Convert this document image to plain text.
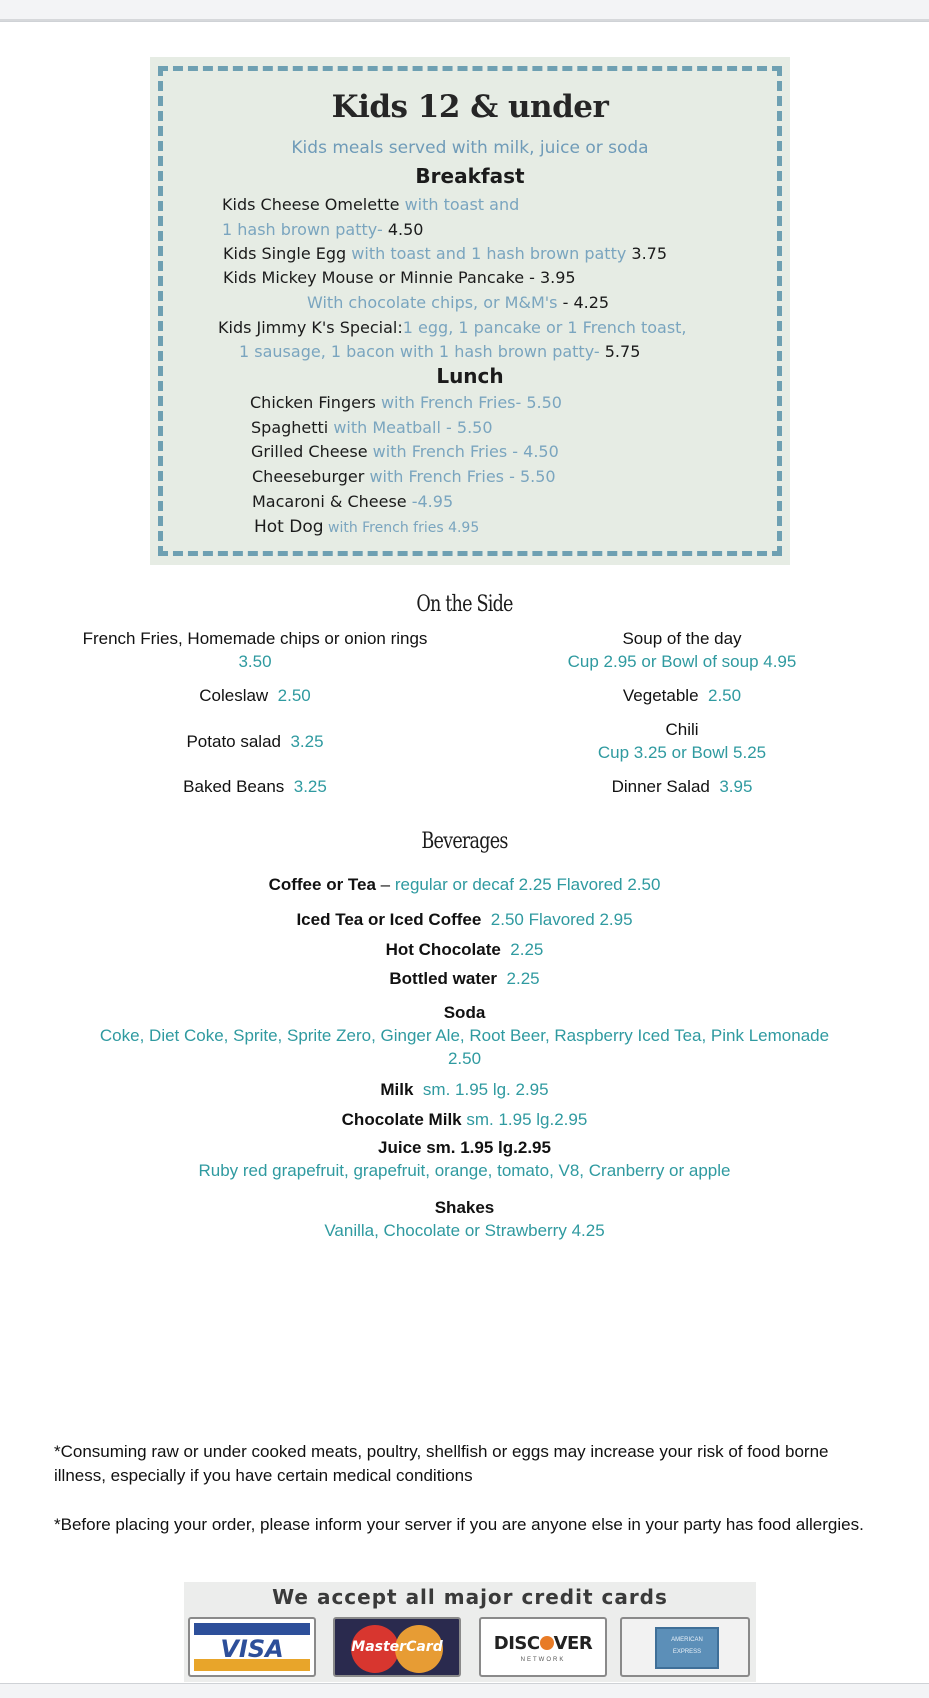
Kids 12 & under
Kids meals served with milk, juice or soda
Breakfast
Kids Cheese Omelette with toast and
1 hash brown patty- 4.50
Kids Single Egg with toast and 1 hash brown patty 3.75
Kids Mickey Mouse or Minnie Pancake - 3.95
With chocolate chips, or M&M's - 4.25
Kids Jimmy K's Special:1 egg, 1 pancake or 1 French toast,
1 sausage, 1 bacon with 1 hash brown patty- 5.75
Lunch
Chicken Fingers with French Fries- 5.50
Spaghetti with Meatball - 5.50
Grilled Cheese with French Fries - 4.50
Cheeseburger with French Fries - 5.50
Macaroni & Cheese -4.95
Hot Dog with French fries 4.95
On the Side
French Fries, Homemade chips or onion rings
3.50
Coleslaw 2.50
Potato salad 3.25
Baked Beans 3.25
Soup of the day
Cup 2.95 or Bowl of soup 4.95
Vegetable 2.50
Chili
Cup 3.25 or Bowl 5.25
Dinner Salad 3.95
Beverages
Coffee or Tea – regular or decaf 2.25 Flavored 2.50
Iced Tea or Iced Coffee 2.50 Flavored 2.95
Hot Chocolate 2.25
Bottled water 2.25
Soda
Coke, Diet Coke, Sprite, Sprite Zero, Ginger Ale, Root Beer, Raspberry Iced Tea, Pink Lemonade
2.50
Milk sm. 1.95 lg. 2.95
Chocolate Milk sm. 1.95 lg.2.95
Juice sm. 1.95 lg.2.95
Ruby red grapefruit, grapefruit, orange, tomato, V8, Cranberry or apple
Shakes
Vanilla, Chocolate or Strawberry 4.25
*Consuming raw or under cooked meats, poultry, shellfish or eggs may increase your risk of food borne illness, especially if you have certain medical conditions
*Before placing your order, please inform your server if you are anyone else in your party has food allergies.
We accept all major credit cards
VISA	MasterCard	DISC VER
NETWORK
AMERICAN
EXPRESS
